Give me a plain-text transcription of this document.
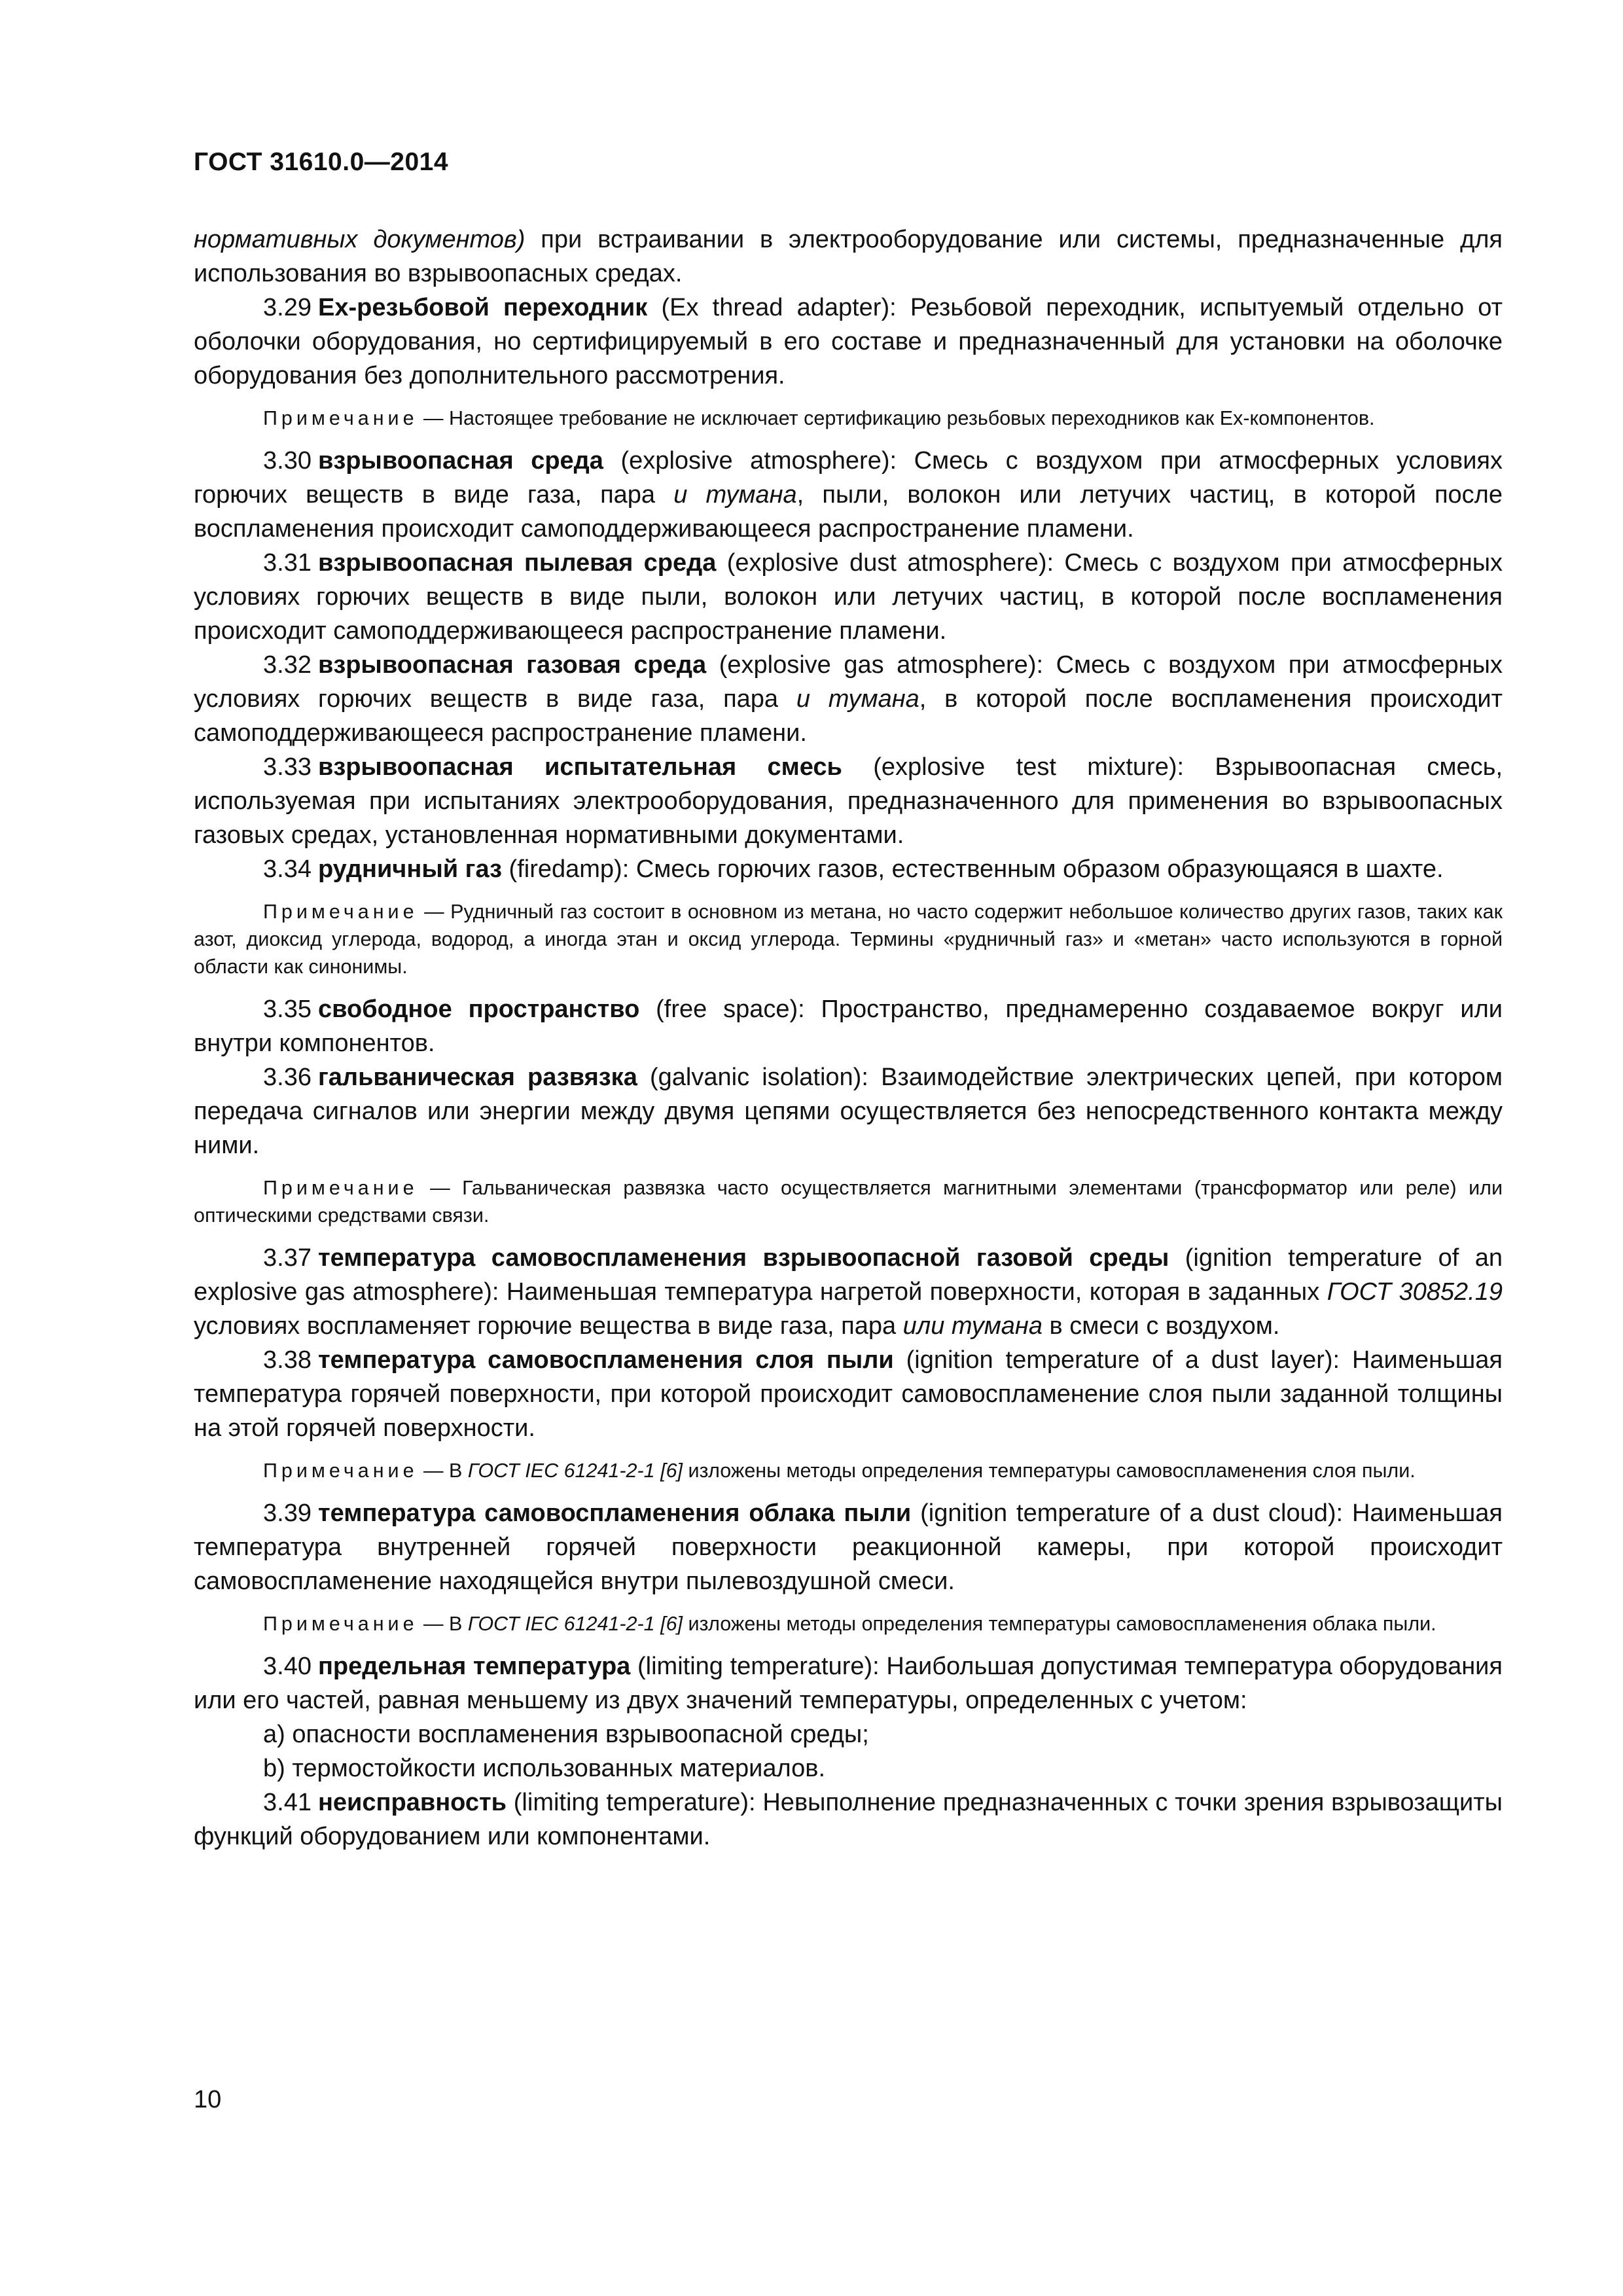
ГОСТ 31610.0—2014

нормативных документов) при встраивании в электрооборудование или системы, предназначенные для использования во взрывоопасных средах.

3.29 Ex-резьбовой переходник (Ex thread adapter): Резьбовой переходник, испытуемый отдельно от оболочки оборудования, но сертифицируемый в его составе и предназначенный для установки на оболочке оборудования без дополнительного рассмотрения.

Примечание — Настоящее требование не исключает сертификацию резьбовых переходников как Ex-компонентов.

3.30 взрывоопасная среда (explosive atmosphere): Смесь с воздухом при атмосферных условиях горючих веществ в виде газа, пара и тумана, пыли, волокон или летучих частиц, в которой после воспламенения происходит самоподдерживающееся распространение пламени.

3.31 взрывоопасная пылевая среда (explosive dust atmosphere): Смесь с воздухом при атмосферных условиях горючих веществ в виде пыли, волокон или летучих частиц, в которой после воспламенения происходит самоподдерживающееся распространение пламени.

3.32 взрывоопасная газовая среда (explosive gas atmosphere): Смесь с воздухом при атмосферных условиях горючих веществ в виде газа, пара и тумана, в которой после воспламенения происходит самоподдерживающееся распространение пламени.

3.33 взрывоопасная испытательная смесь (explosive test mixture): Взрывоопасная смесь, используемая при испытаниях электрооборудования, предназначенного для применения во взрывоопасных газовых средах, установленная нормативными документами.

3.34 рудничный газ (firedamp): Смесь горючих газов, естественным образом образующаяся в шахте.

Примечание — Рудничный газ состоит в основном из метана, но часто содержит небольшое количество других газов, таких как азот, диоксид углерода, водород, а иногда этан и оксид углерода. Термины «рудничный газ» и «метан» часто используются в горной области как синонимы.

3.35 свободное пространство (free space): Пространство, преднамеренно создаваемое вокруг или внутри компонентов.

3.36 гальваническая развязка (galvanic isolation): Взаимодействие электрических цепей, при котором передача сигналов или энергии между двумя цепями осуществляется без непосредственного контакта между ними.

Примечание — Гальваническая развязка часто осуществляется магнитными элементами (трансформатор или реле) или оптическими средствами связи.

3.37 температура самовоспламенения взрывоопасной газовой среды (ignition temperature of an explosive gas atmosphere): Наименьшая температура нагретой поверхности, которая в заданных ГОСТ 30852.19 условиях воспламеняет горючие вещества в виде газа, пара или тумана в смеси с воздухом.

3.38 температура самовоспламенения слоя пыли (ignition temperature of a dust layer): Наименьшая температура горячей поверхности, при которой происходит самовоспламенение слоя пыли заданной толщины на этой горячей поверхности.

Примечание — В ГОСТ IEC 61241-2-1 [6] изложены методы определения температуры самовоспламенения слоя пыли.

3.39 температура самовоспламенения облака пыли (ignition temperature of a dust cloud): Наименьшая температура внутренней горячей поверхности реакционной камеры, при которой происходит самовоспламенение находящейся внутри пылевоздушной смеси.

Примечание — В ГОСТ IEC 61241-2-1 [6] изложены методы определения температуры самовоспламенения облака пыли.

3.40 предельная температура (limiting temperature): Наибольшая допустимая температура оборудования или его частей, равная меньшему из двух значений температуры, определенных с учетом:

a) опасности воспламенения взрывоопасной среды;

b) термостойкости использованных материалов.

3.41 неисправность (limiting temperature): Невыполнение предназначенных с точки зрения взрывозащиты функций оборудованием или компонентами.

10
